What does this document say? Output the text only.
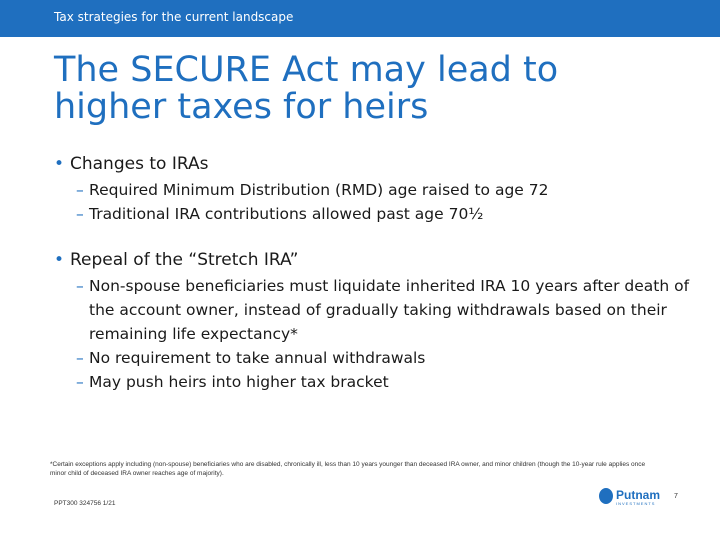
Tax strategies for the current landscape
The SECURE Act may lead to
higher taxes for heirs
• Changes to IRAs
– Required Minimum Distribution (RMD) age raised to age 72
– Traditional IRA contributions allowed past age 70½
• Repeal of the “Stretch IRA”
– Non-spouse beneficiaries must liquidate inherited IRA 10 years after death of the account owner, instead of gradually taking withdrawals based on their remaining life expectancy*
– No requirement to take annual withdrawals
– May push heirs into higher tax bracket
*Certain exceptions apply including (non-spouse) beneficiaries who are disabled, chronically ill, less than 10 years younger than deceased IRA owner, and minor children (though the 10-year rule applies once minor child of deceased IRA owner reaches age of majority).
PPT300 324756 1/21
Putnam
INVESTMENTS
7
